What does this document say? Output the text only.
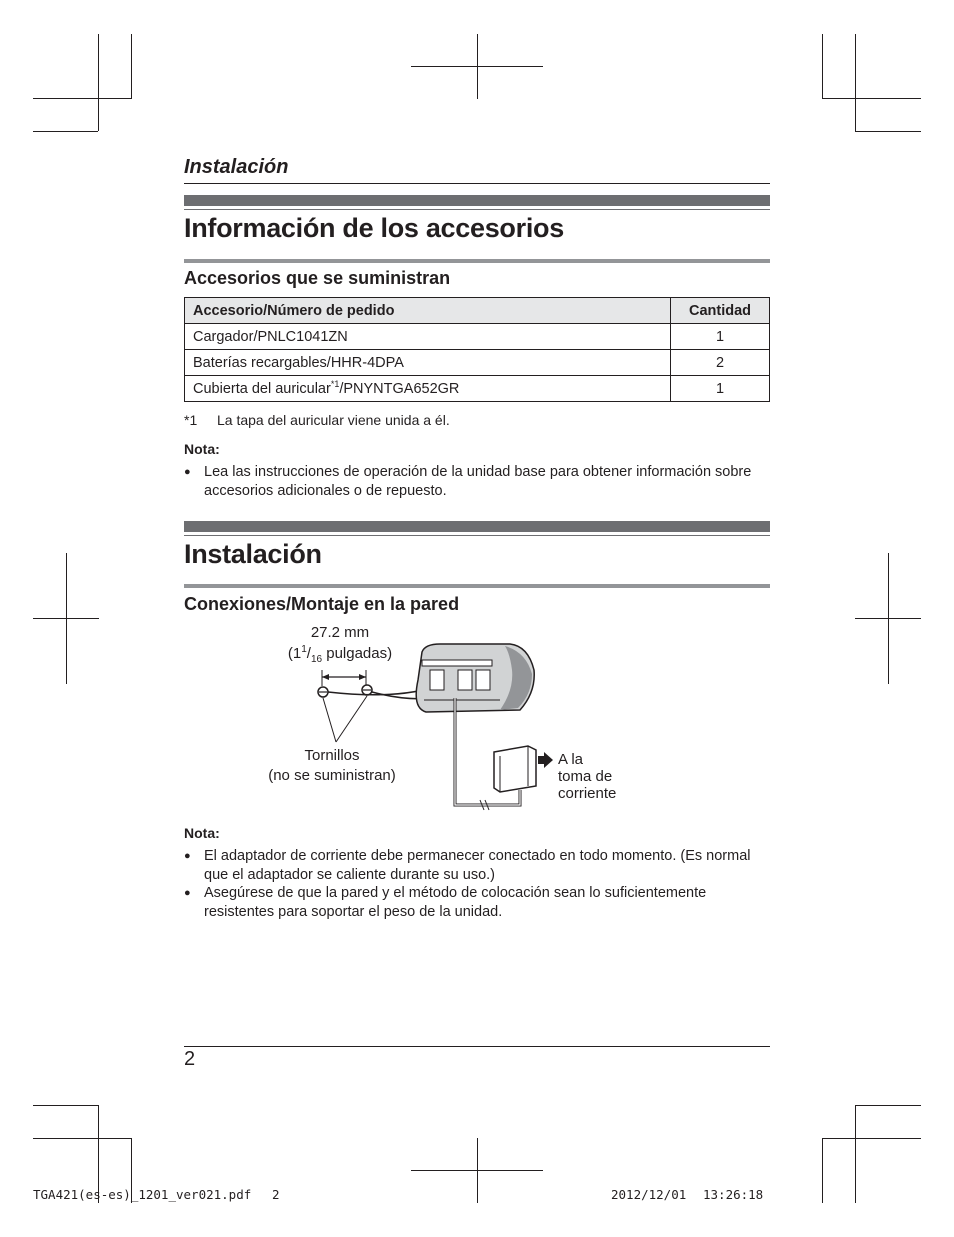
Instalación
Información de los accesorios
Accesorios que se suministran
Accesorio/Número de pedido	Cantidad
Cargador/PNLC1041ZN	1
Baterías recargables/HHR-4DPA	2
Cubierta del auricular$^{*1}$/PNYNTGA652GR	1
*1 La tapa del auricular viene unida a él.
Nota:
● Lea las instrucciones de operación de la unidad base para obtener información sobre accesorios adicionales o de repuesto.
Instalación
Conexiones/Montaje en la pared
27.2 mm
($1^1/_{16}$ pulgadas)
Tornillos
(no se suministran)
A la toma de corriente
Nota:
● El adaptador de corriente debe permanecer conectado en todo momento. (Es normal que el adaptador se caliente durante su uso.)
● Asegúrese de que la pared y el método de colocación sean lo suficientemente resistentes para soportar el peso de la unidad.
2
TGA421(es-es)_1201_ver021.pdf 2	2012/12/01 13:26:18
